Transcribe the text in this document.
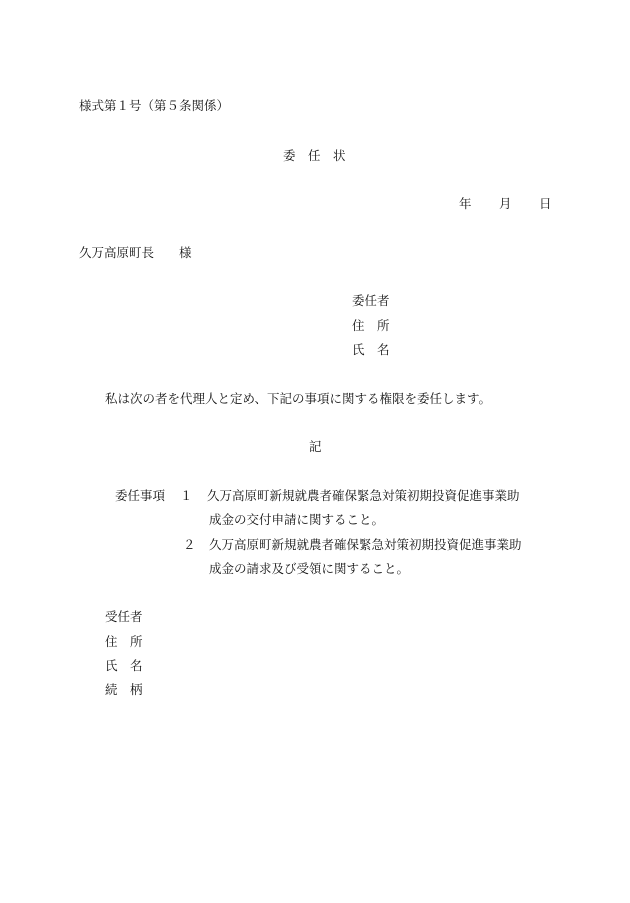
様式第１号（第５条関係）
委　任　状
年 月 日
久万高原町長　　様
委任者
住　所
氏　名
私は次の者を代理人と定め、下記の事項に関する権限を委任します。
記
委任事項 １ 久万高原町新規就農者確保緊急対策初期投資促進事業助
成金の交付申請に関すること。
２ 久万高原町新規就農者確保緊急対策初期投資促進事業助
成金の請求及び受領に関すること。
受任者
住　所
氏　名
続　柄
